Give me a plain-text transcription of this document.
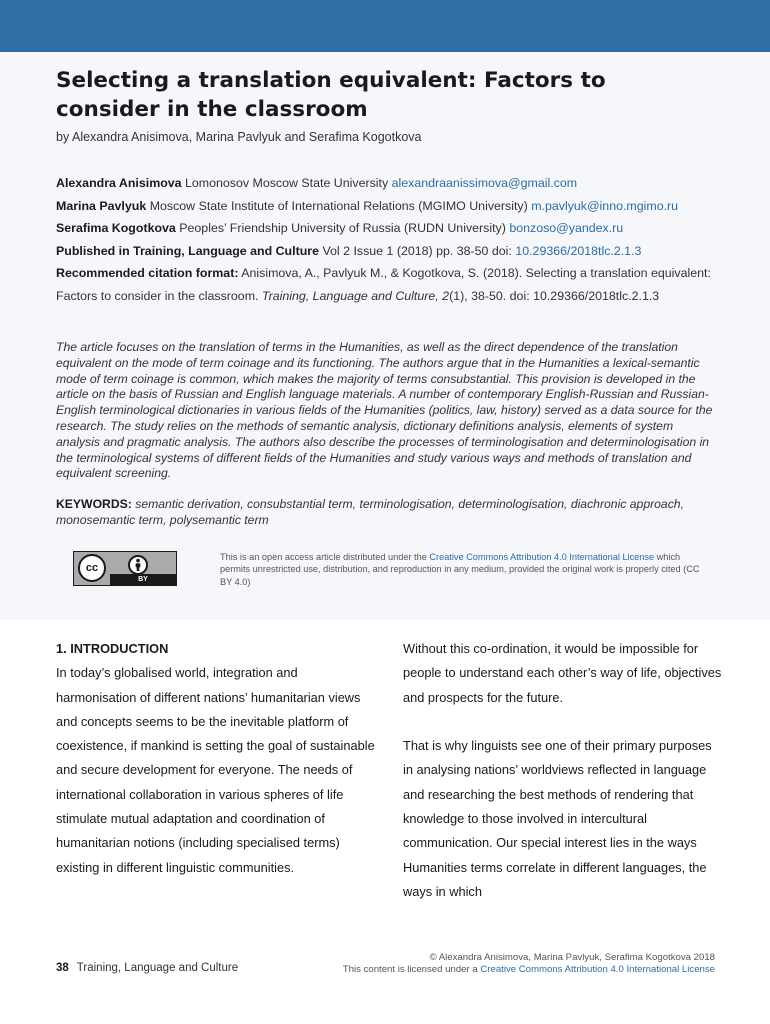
Selecting a translation equivalent: Factors to consider in the classroom
by Alexandra Anisimova, Marina Pavlyuk and Serafima Kogotkova
Alexandra Anisimova Lomonosov Moscow State University alexandraanissimova@gmail.com
Marina Pavlyuk Moscow State Institute of International Relations (MGIMO University) m.pavlyuk@inno.mgimo.ru
Serafima Kogotkova Peoples’ Friendship University of Russia (RUDN University) bonzoso@yandex.ru
Published in Training, Language and Culture Vol 2 Issue 1 (2018) pp. 38-50 doi: 10.29366/2018tlc.2.1.3
Recommended citation format: Anisimova, A., Pavlyuk M., & Kogotkova, S. (2018). Selecting a translation equivalent: Factors to consider in the classroom. Training, Language and Culture, 2(1), 38-50. doi: 10.29366/2018tlc.2.1.3

The article focuses on the translation of terms in the Humanities, as well as the direct dependence of the translation equivalent on the mode of term coinage and its functioning. The authors argue that in the Humanities a lexical-semantic mode of term coinage is common, which makes the majority of terms consubstantial. This provision is developed in the article on the basis of Russian and English language materials. A number of contemporary English-Russian and Russian-English terminological dictionaries in various fields of the Humanities (politics, law, history) served as a data source for the research. The study relies on the methods of semantic analysis, dictionary definitions analysis, elements of system analysis and pragmatic analysis. The authors also describe the processes of terminologisation and determinologisation in the terminological systems of different fields of the Humanities and study various ways and methods of translation and equivalent screening.

KEYWORDS: semantic derivation, consubstantial term, terminologisation, determinologisation, diachronic approach, monosemantic term, polysemantic term

cc
BY

This is an open access article distributed under the Creative Commons Attribution 4.0 International License which permits unrestricted use, distribution, and reproduction in any medium, provided the original work is properly cited (CC BY 4.0)

1. INTRODUCTION

In today’s globalised world, integration and harmonisation of different nations’ humanitarian views and concepts seems to be the inevitable platform of coexistence, if mankind is setting the goal of sustainable and secure development for everyone. The needs of international collaboration in various spheres of life stimulate mutual adaptation and coordination of humanitarian notions (including specialised terms) existing in different linguistic communities.

Without this co-ordination, it would be impossible for people to understand each other’s way of life, objectives and prospects for the future.

That is why linguists see one of their primary purposes in analysing nations’ worldviews reflected in language and researching the best methods of rendering that knowledge to those involved in intercultural communication. Our special interest lies in the ways Humanities terms correlate in different languages, the ways in which

38 Training, Language and Culture
© Alexandra Anisimova, Marina Pavlyuk, Serafima Kogotkova 2018
This content is licensed under a Creative Commons Attribution 4.0 International License
